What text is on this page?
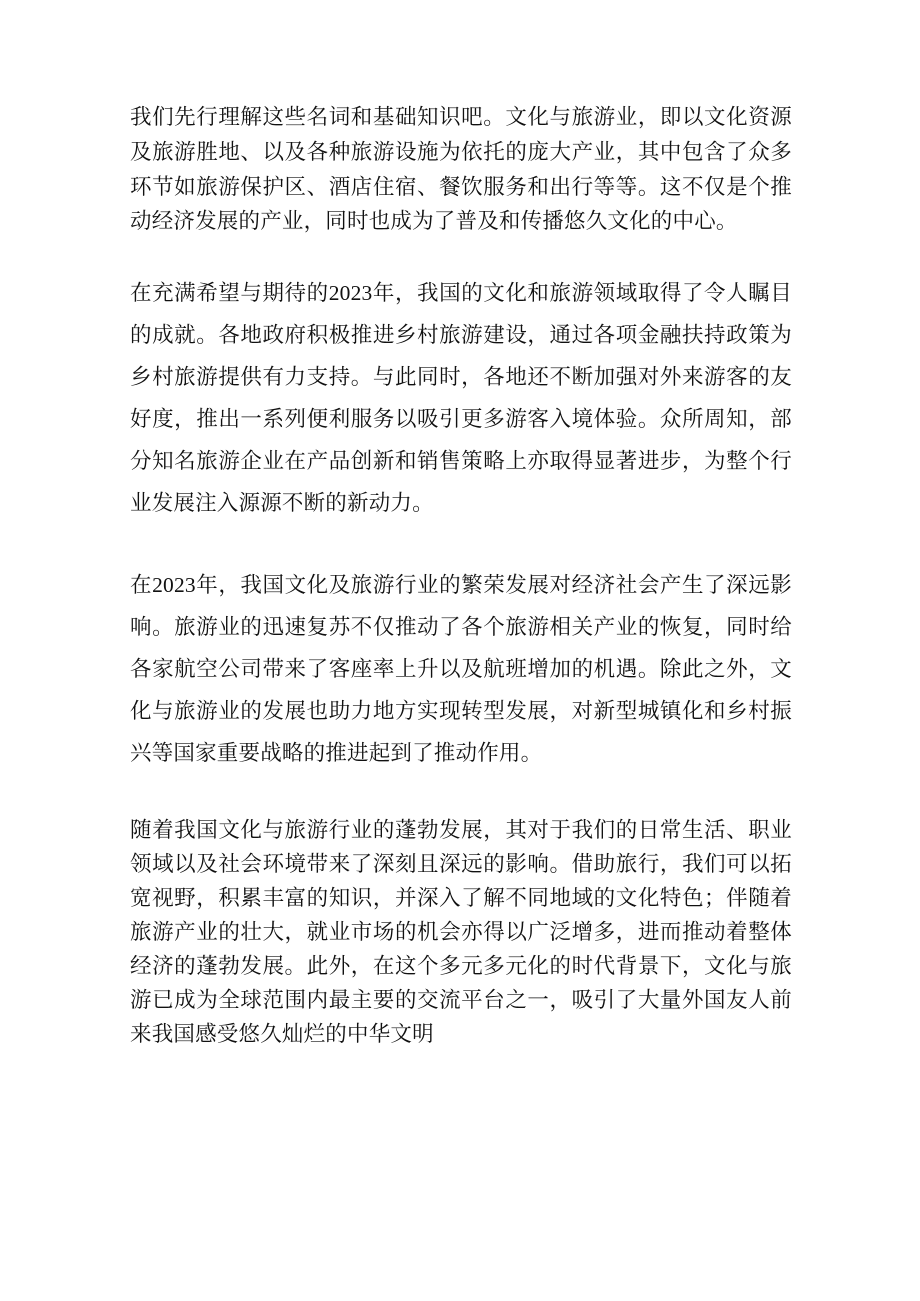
我们先行理解这些名词和基础知识吧。文化与旅游业，即以文化资源及旅游胜地、以及各种旅游设施为依托的庞大产业，其中包含了众多环节如旅游保护区、酒店住宿、餐饮服务和出行等等。这不仅是个推动经济发展的产业，同时也成为了普及和传播悠久文化的中心。

在充满希望与期待的2023年，我国的文化和旅游领域取得了令人瞩目的成就。各地政府积极推进乡村旅游建设，通过各项金融扶持政策为乡村旅游提供有力支持。与此同时，各地还不断加强对外来游客的友好度，推出一系列便利服务以吸引更多游客入境体验。众所周知，部分知名旅游企业在产品创新和销售策略上亦取得显著进步，为整个行业发展注入源源不断的新动力。

在2023年，我国文化及旅游行业的繁荣发展对经济社会产生了深远影响。旅游业的迅速复苏不仅推动了各个旅游相关产业的恢复，同时给各家航空公司带来了客座率上升以及航班增加的机遇。除此之外，文化与旅游业的发展也助力地方实现转型发展，对新型城镇化和乡村振兴等国家重要战略的推进起到了推动作用。

随着我国文化与旅游行业的蓬勃发展，其对于我们的日常生活、职业领域以及社会环境带来了深刻且深远的影响。借助旅行，我们可以拓宽视野，积累丰富的知识，并深入了解不同地域的文化特色；伴随着旅游产业的壮大，就业市场的机会亦得以广泛增多，进而推动着整体经济的蓬勃发展。此外，在这个多元多元化的时代背景下，文化与旅游已成为全球范围内最主要的交流平台之一，吸引了大量外国友人前来我国感受悠久灿烂的中华文明
